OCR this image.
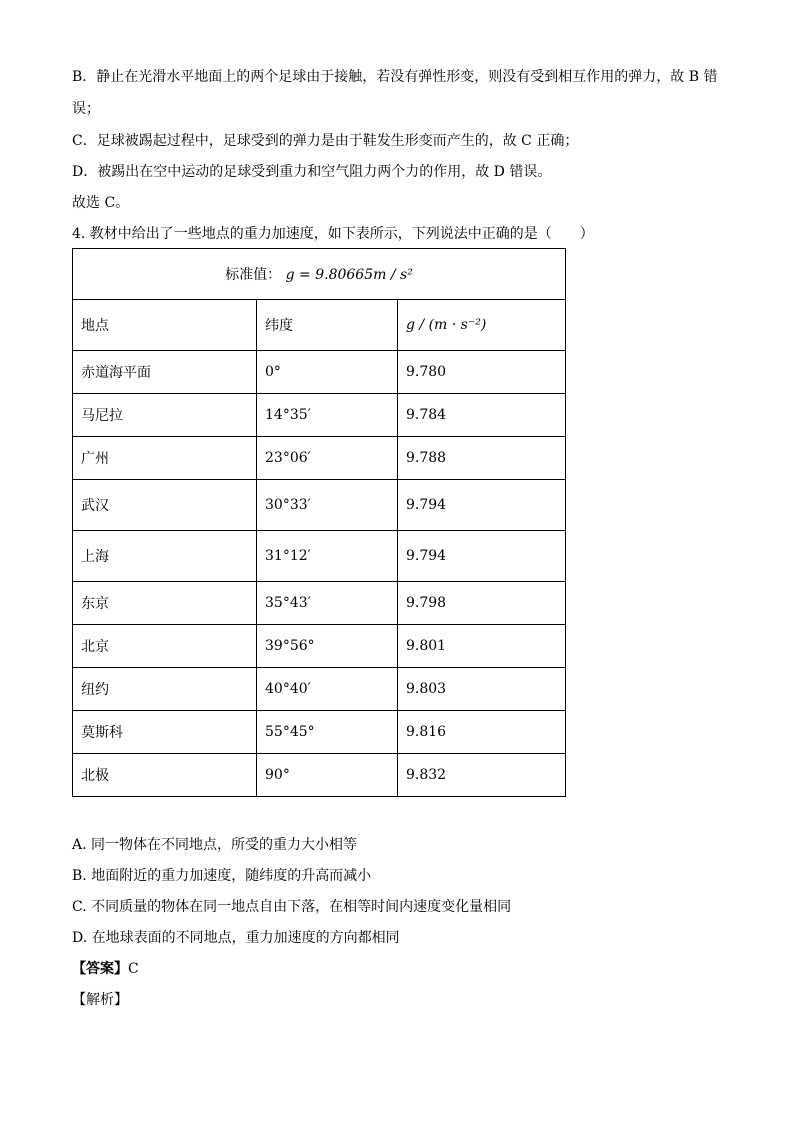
B．静止在光滑水平地面上的两个足球由于接触，若没有弹性形变，则没有受到相互作用的弹力，故 B 错
误；
C．足球被踢起过程中，足球受到的弹力是由于鞋发生形变而产生的，故 C 正确；
D．被踢出在空中运动的足球受到重力和空气阻力两个力的作用，故 D 错误。
故选 C。
4. 教材中给出了一些地点的重力加速度，如下表所示，下列说法中正确的是（　　）
标准值： g = 9.80665m / s²		
地点	纬度	g / (m · s⁻²)
赤道海平面	0°	9.780
马尼拉	14°35′	9.784
广州	23°06′	9.788
武汉	30°33′	9.794
上海	31°12′	9.794
东京	35°43′	9.798
北京	39°56°	9.801
纽约	40°40′	9.803
莫斯科	55°45°	9.816
北极	90°	9.832
A. 同一物体在不同地点，所受的重力大小相等
B. 地面附近的重力加速度，随纬度的升高而减小
C. 不同质量的物体在同一地点自由下落，在相等时间内速度变化量相同
D. 在地球表面的不同地点，重力加速度的方向都相同
【答案】C
【解析】
